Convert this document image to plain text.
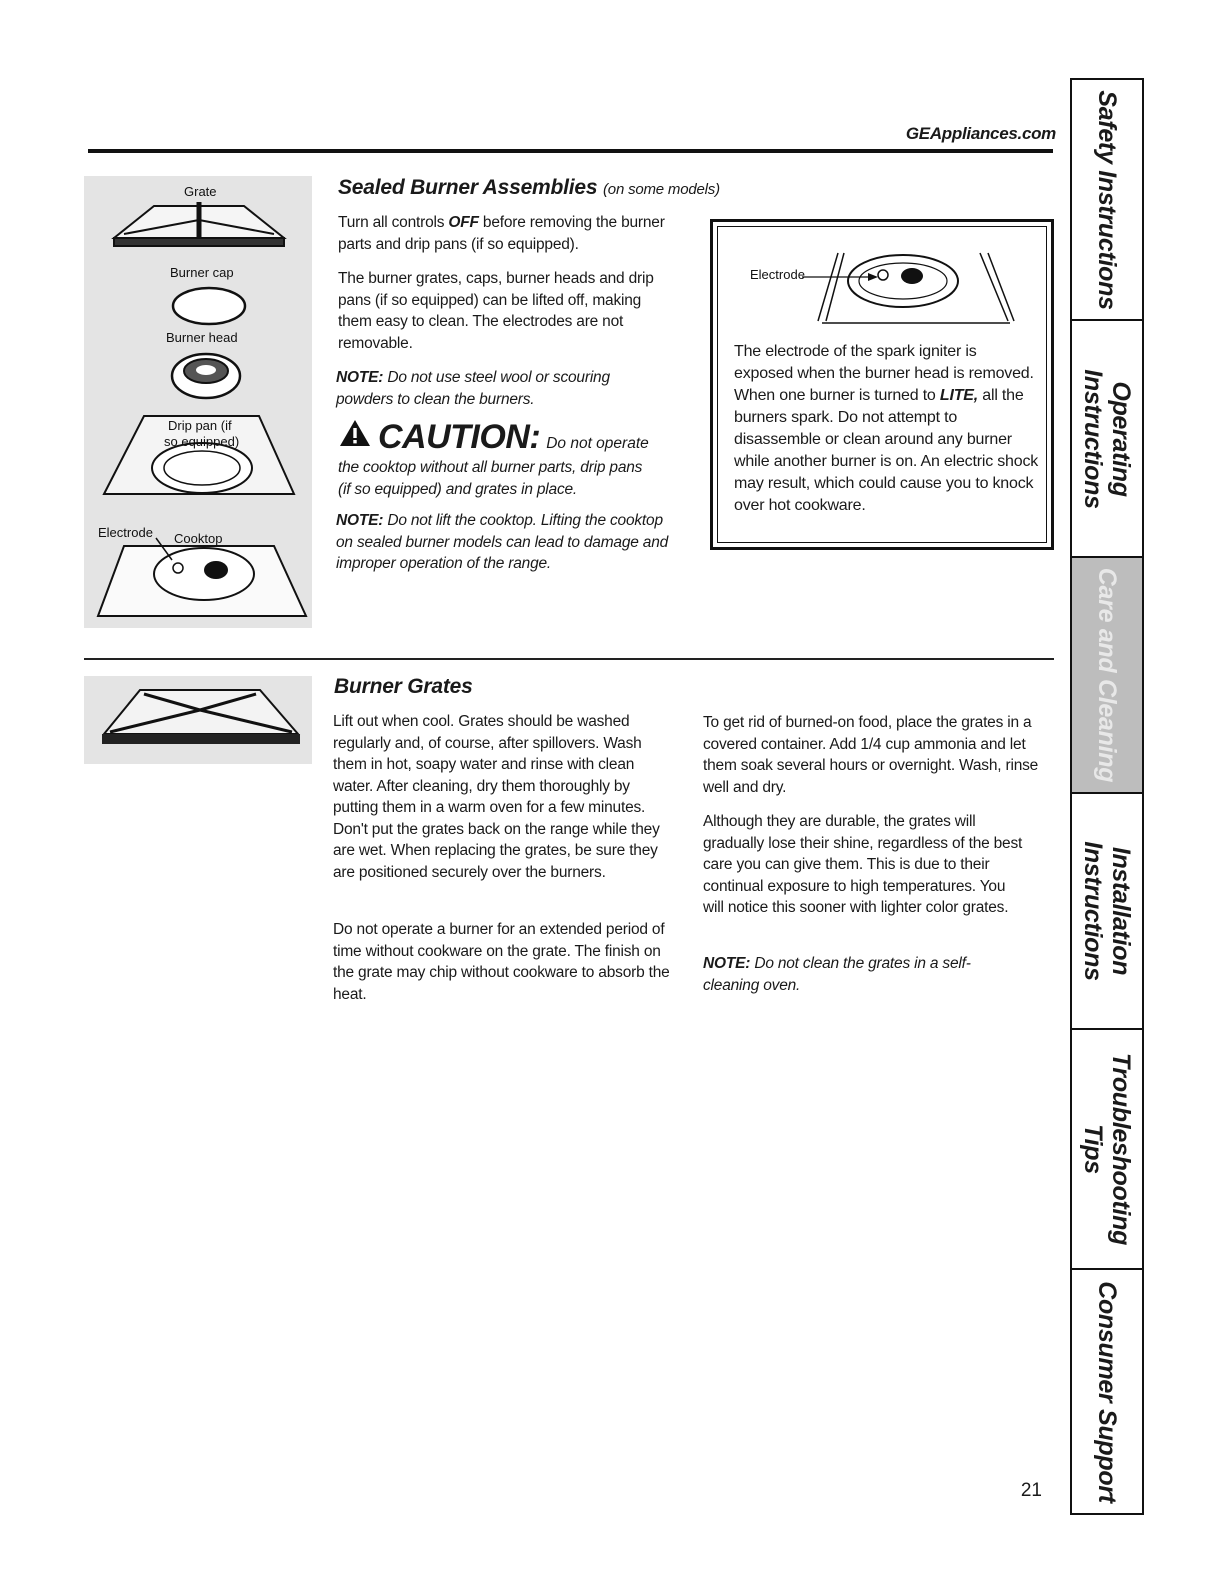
GEAppliances.com
Grate
Burner cap
Burner head
Drip pan (if
so equipped)
Electrode Cooktop
Sealed Burner Assemblies (on some models)
Turn all controls OFF before removing the burner parts and drip pans (if so equipped).
The burner grates, caps, burner heads and drip pans (if so equipped) can be lifted off, making them easy to clean. The electrodes are not removable.
NOTE: Do not use steel wool or scouring powders to clean the burners.
CAUTION: Do not operate
the cooktop without all burner parts, drip pans (if so equipped) and grates in place.
NOTE: Do not lift the cooktop. Lifting the cooktop on sealed burner models can lead to damage and improper operation of the range.
Electrode
The electrode of the spark igniter is exposed when the burner head is removed. When one burner is turned to LITE, all the burners spark. Do not attempt to disassemble or clean around any burner while another burner is on. An electric shock may result, which could cause you to knock over hot cookware.
Burner Grates
Lift out when cool. Grates should be washed regularly and, of course, after spillovers. Wash them in hot, soapy water and rinse with clean water. After cleaning, dry them thoroughly by putting them in a warm oven for a few minutes. Don't put the grates back on the range while they are wet. When replacing the grates, be sure they are positioned securely over the burners.
Do not operate a burner for an extended period of time without cookware on the grate. The finish on the grate may chip without cookware to absorb the heat.
To get rid of burned-on food, place the grates in a covered container. Add 1/4 cup ammonia and let them soak several hours or overnight. Wash, rinse well and dry.
Although they are durable, the grates will gradually lose their shine, regardless of the best care you can give them. This is due to their continual exposure to high temperatures. You will notice this sooner with lighter color grates.
NOTE: Do not clean the grates in a self-cleaning oven.
Safety Instructions
Operating
Instructions
Care and Cleaning
Installation
Instructions
Troubleshooting
Tips
Consumer Support
21
